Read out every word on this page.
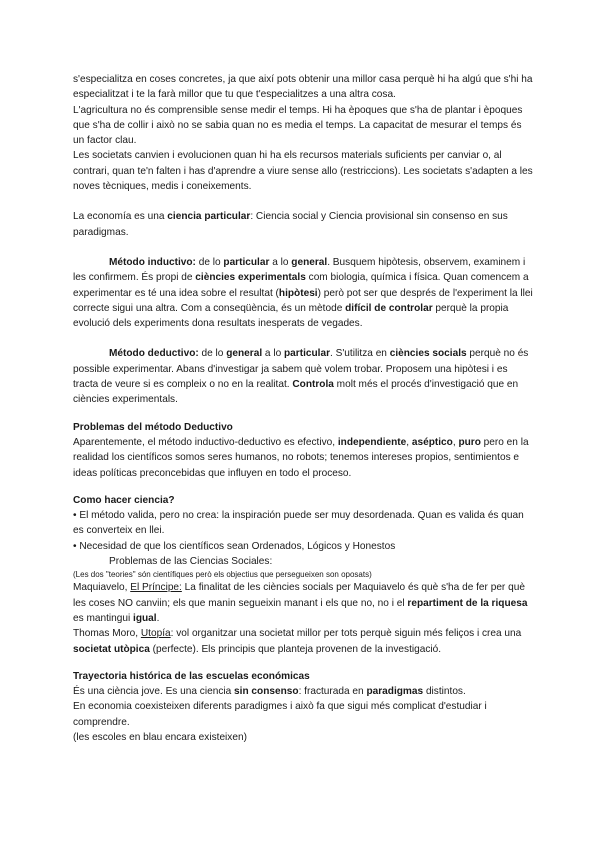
s'especialitza en coses concretes, ja que així pots obtenir una millor casa perquè hi ha algú que s'hi ha especialitzat i te la farà millor que tu que t'especialitzes a una altra cosa.

L'agricultura no és comprensible sense medir el temps. Hi ha èpoques que s'ha de plantar i èpoques que s'ha de collir i això no se sabia quan no es media el temps. La capacitat de mesurar el temps és un factor clau.

Les societats canvien i evolucionen quan hi ha els recursos materials suficients per canviar o, al contrari, quan te'n falten i has d'aprendre a viure sense allo (restriccions). Les societats s'adapten a les noves tècniques, medis i coneixements.

La economía es una ciencia particular: Ciencia social y Ciencia provisional sin consenso en sus paradigmas.

Método inductivo: de lo particular a lo general. Busquem hipòtesis, observem, examinem i les confirmem. És propi de ciències experimentals com biologia, química i física. Quan comencem a experimentar es té una idea sobre el resultat (hipòtesi) però pot ser que després de l'experiment la llei correcte sigui una altra. Com a conseqüència, és un mètode difícil de controlar perquè la propia evolució dels experiments dona resultats inesperats de vegades.

Método deductivo: de lo general a lo particular. S'utilitza en ciències socials perquè no és possible experimentar. Abans d'investigar ja sabem què volem trobar. Proposem una hipòtesi i es tracta de veure si es compleix o no en la realitat. Controla molt més el procés d'investigació que en ciències experimentals.

Problemas del método Deductivo

Aparentemente, el método inductivo-deductivo es efectivo, independiente, aséptico, puro pero en la realidad los científicos somos seres humanos, no robots; tenemos intereses propios, sentimientos e ideas políticas preconcebidas que influyen en todo el proceso.

Como hacer ciencia?

• El método valida, pero no crea: la inspiración puede ser muy desordenada. Quan es valida és quan es converteix en llei.

• Necesidad de que los científicos sean Ordenados, Lógicos y Honestos

Problemas de las Ciencias Sociales:

(Les dos "teories" són científiques però els objectius que persegueixen son oposats)

Maquiavelo, El Príncipe: La finalitat de les ciències socials per Maquiavelo és què s'ha de fer per què les coses NO canviin; els que manin segueixin manant i els que no, no i el repartiment de la riquesa es mantingui igual.

Thomas Moro, Utopía: vol organitzar una societat millor per tots perquè siguin més feliços i crea una societat utòpica (perfecte). Els principis que planteja provenen de la investigació.

Trayectoria histórica de las escuelas económicas

És una ciència jove. Es una ciencia sin consenso: fracturada en paradigmas distintos.

En economia coexisteixen diferents paradigmes i això fa que sigui més complicat d'estudiar i comprendre.

(les escoles en blau encara existeixen)
